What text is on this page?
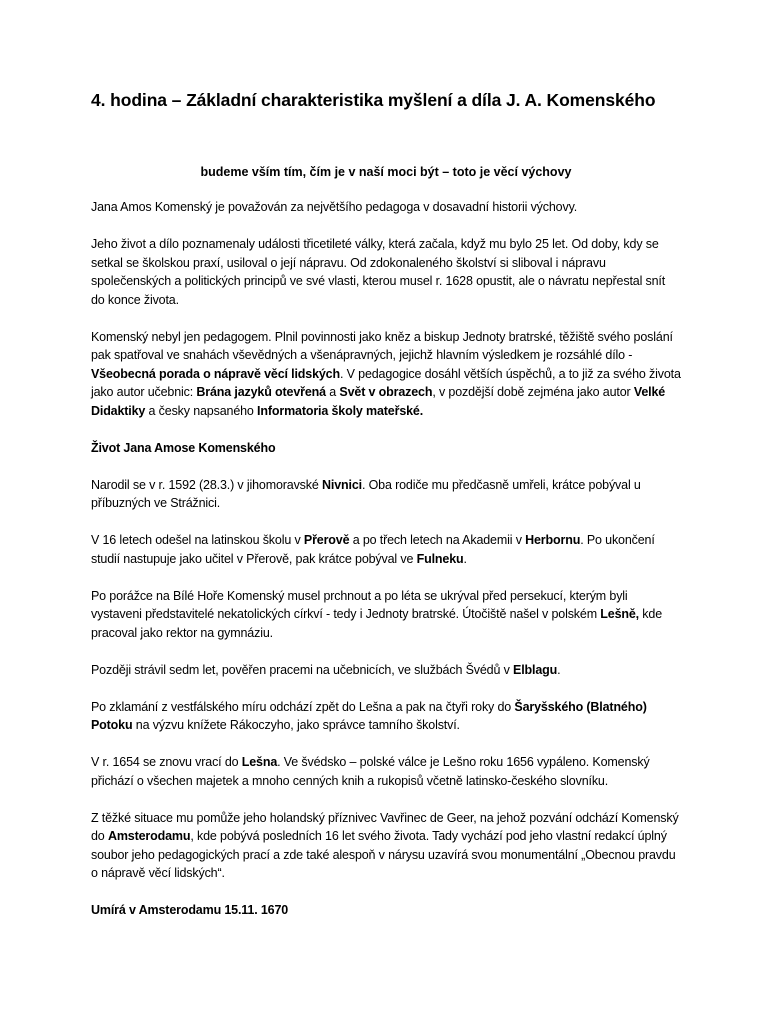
4. hodina – Základní charakteristika myšlení a díla J. A. Komenského
budeme vším tím, čím je v naší moci být – toto je věcí výchovy

Jana Amos Komenský je považován za největšího pedagoga v dosavadní historii výchovy.

Jeho život a dílo poznamenaly události třicetileté války, která začala, když mu bylo 25 let. Od doby, kdy se setkal se školskou praxí, usiloval o její nápravu. Od zdokonaleného školství si sliboval i nápravu společenských a politických principů ve své vlasti, kterou musel r. 1628 opustit, ale o návratu nepřestal snít do konce života.

Komenský nebyl jen pedagogem. Plnil povinnosti jako kněz a biskup Jednoty bratrské, těžiště svého poslání pak spatřoval ve snahách vševědných a všenápravných, jejichž hlavním výsledkem je rozsáhlé dílo - Všeobecná porada o nápravě věcí lidských. V pedagogice dosáhl větších úspěchů, a to již za svého života jako autor učebnic: Brána jazyků otevřená a Svět v obrazech, v pozdější době zejména jako autor Velké Didaktiky a česky napsaného Informatoria školy mateřské.

Život Jana Amose Komenského

Narodil se v r. 1592 (28.3.) v jihomoravské Nivnici. Oba rodiče mu předčasně umřeli, krátce pobýval u příbuzných ve Strážnici.

V 16 letech odešel na latinskou školu v Přerově a po třech letech na Akademii v Herbornu. Po ukončení studií nastupuje jako učitel v Přerově, pak krátce pobýval ve Fulneku.

Po porážce na Bílé Hoře Komenský musel prchnout a po léta se ukrýval před persekucí, kterým byli vystaveni představitelé nekatolických církví - tedy i Jednoty bratrské. Útočiště našel v polském Lešně, kde pracoval jako rektor na gymnáziu.

Později strávil sedm let, pověřen pracemi na učebnicích, ve službách Švédů v Elblagu.

Po zklamání z vestfálského míru odchází zpět do Lešna a pak na čtyři roky do Šaryšského (Blatného) Potoku na výzvu knížete Rákoczyho, jako správce tamního školství.

V r. 1654 se znovu vrací do Lešna. Ve švédsko – polské válce je Lešno roku 1656 vypáleno. Komenský přichází o všechen majetek a mnoho cenných knih a rukopisů včetně latinsko-českého slovníku.

Z těžké situace mu pomůže jeho holandský příznivec Vavřinec de Geer, na jehož pozvání odchází Komenský do Amsterodamu, kde pobývá posledních 16 let svého života. Tady vychází pod jeho vlastní redakcí úplný soubor jeho pedagogických prací a zde také alespoň v nárysu uzavírá svou monumentální „Obecnou pravdu o nápravě věcí lidských“.

Umírá v Amsterodamu 15.11. 1670
